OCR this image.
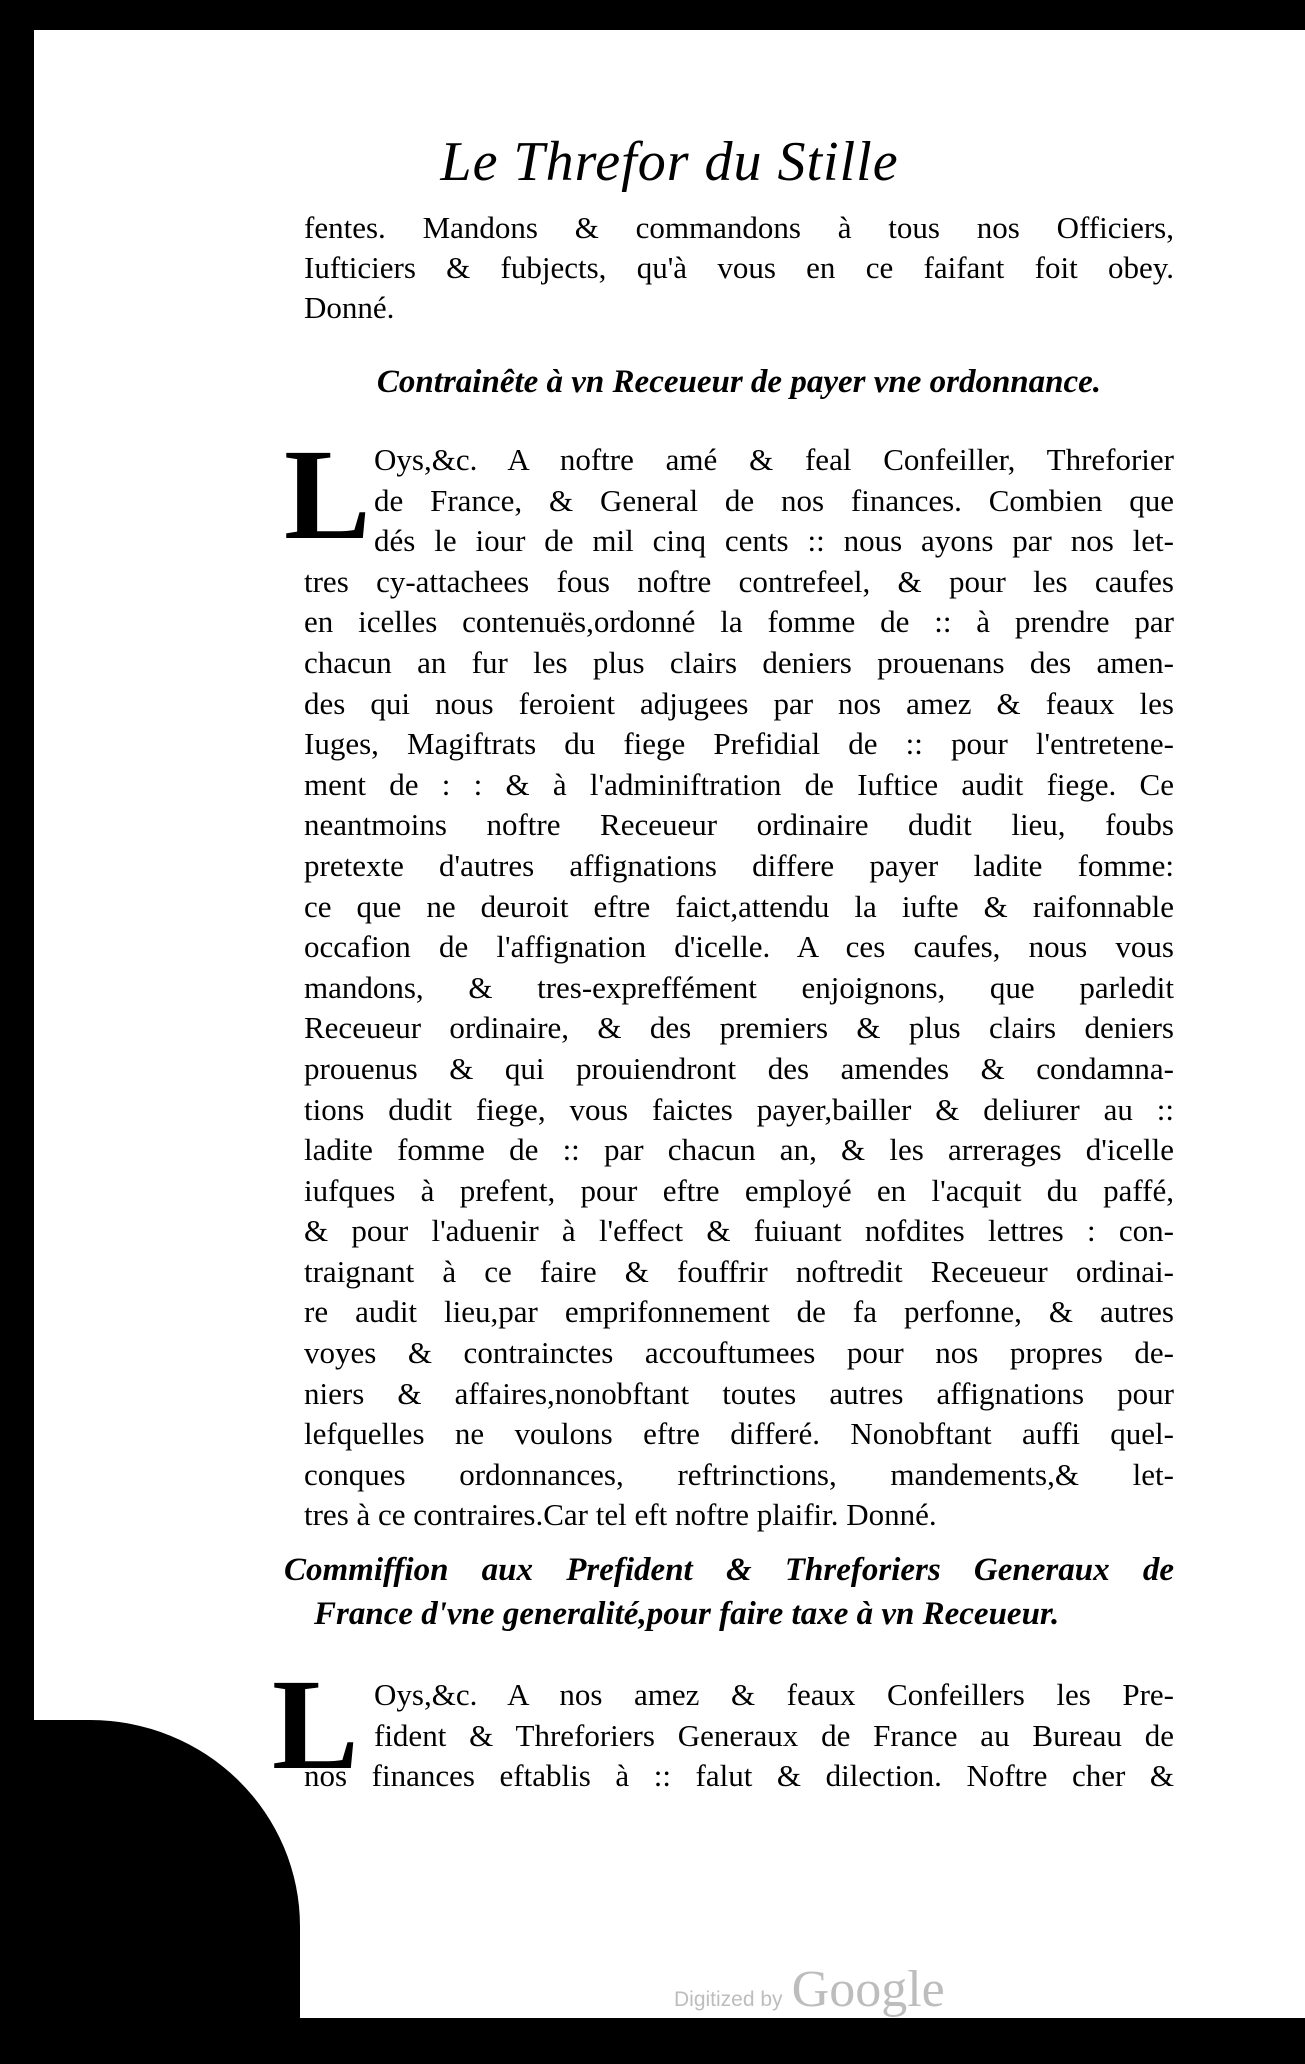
Le Threfor du Stille
fentes. Mandons & commandons à tous nos Officiers,
Iufticiers & fubjects, qu'à vous en ce faifant foit obey.
Donné.
Contrainête à vn Receueur de payer vne ordonnance.
L Oys,&c. A noftre amé & feal Confeiller, Threforier
de France, & General de nos finances. Combien que
dés le iour de mil cinq cents :: nous ayons par nos let-
tres cy-attachees fous noftre contrefeel, & pour les caufes
en icelles contenuës,ordonné la fomme de :: à prendre par
chacun an fur les plus clairs deniers prouenans des amen-
des qui nous feroient adjugees par nos amez & feaux les
Iuges, Magiftrats du fiege Prefidial de :: pour l'entretene-
ment de : : & à l'adminiftration de Iuftice audit fiege. Ce
neantmoins noftre Receueur ordinaire dudit lieu, foubs
pretexte d'autres affignations differe payer ladite fomme:
ce que ne deuroit eftre faict,attendu la iufte & raifonnable
occafion de l'affignation d'icelle. A ces caufes, nous vous
mandons, & tres-expreffément enjoignons, que parledit
Receueur ordinaire, & des premiers & plus clairs deniers
prouenus & qui prouiendront des amendes & condamna-
tions dudit fiege, vous faictes payer,bailler & deliurer au ::
ladite fomme de :: par chacun an, & les arrerages d'icelle
iufques à prefent, pour eftre employé en l'acquit du paffé,
& pour l'aduenir à l'effect & fuiuant nofdites lettres : con-
traignant à ce faire & fouffrir noftredit Receueur ordinai-
re audit lieu,par emprifonnement de fa perfonne, & autres
voyes & contrainctes accouftumees pour nos propres de-
niers & affaires,nonobftant toutes autres affignations pour
lefquelles ne voulons eftre differé. Nonobftant auffi quel-
conques ordonnances, reftrinctions, mandements,& let-
tres à ce contraires.Car tel eft noftre plaifir. Donné.
Commiffion aux Prefident & Threforiers Generaux de
France d'vne generalité,pour faire taxe à vn Receueur.
L Oys,&c. A nos amez & feaux Confeillers les Pre-
fident & Threforiers Generaux de France au Bureau de
nos finances eftablis à :: falut & dilection. Noftre cher &
Digitized by Google
